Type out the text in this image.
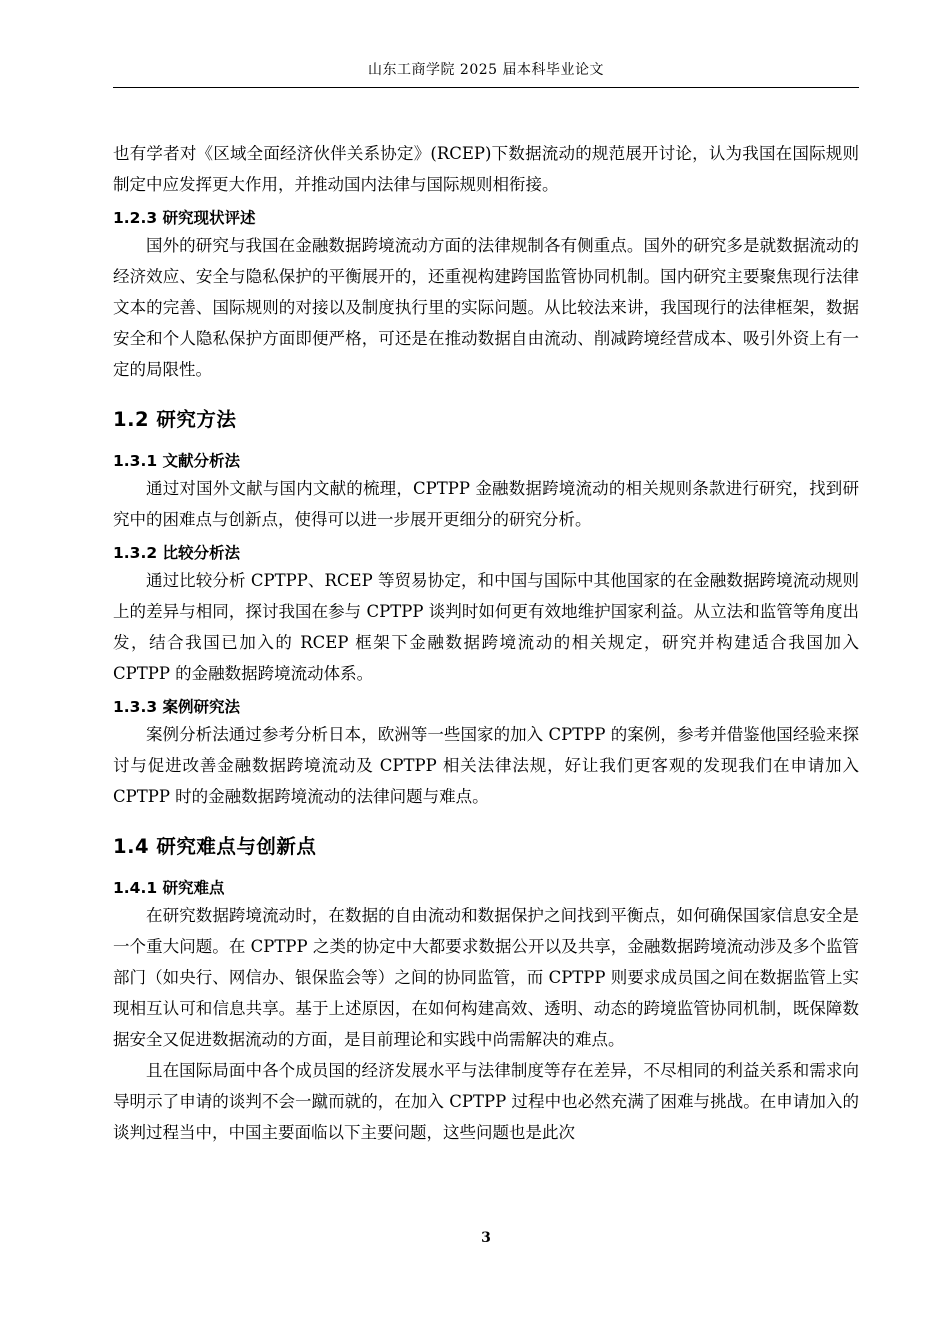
山东工商学院 2025 届本科毕业论文

也有学者对《区域全面经济伙伴关系协定》(RCEP)下数据流动的规范展开讨论，认为我国在国际规则制定中应发挥更大作用，并推动国内法律与国际规则相衔接。

1.2.3 研究现状评述

国外的研究与我国在金融数据跨境流动方面的法律规制各有侧重点。国外的研究多是就数据流动的经济效应、安全与隐私保护的平衡展开的，还重视构建跨国监管协同机制。国内研究主要聚焦现行法律文本的完善、国际规则的对接以及制度执行里的实际问题。从比较法来讲，我国现行的法律框架，数据安全和个人隐私保护方面即便严格，可还是在推动数据自由流动、削减跨境经营成本、吸引外资上有一定的局限性。

1.2 研究方法
1.3.1 文献分析法

通过对国外文献与国内文献的梳理，CPTPP 金融数据跨境流动的相关规则条款进行研究，找到研究中的困难点与创新点，使得可以进一步展开更细分的研究分析。

1.3.2 比较分析法

通过比较分析 CPTPP、RCEP 等贸易协定，和中国与国际中其他国家的在金融数据跨境流动规则上的差异与相同，探讨我国在参与 CPTPP 谈判时如何更有效地维护国家利益。从立法和监管等角度出发，结合我国已加入的 RCEP 框架下金融数据跨境流动的相关规定，研究并构建适合我国加入 CPTPP 的金融数据跨境流动体系。

1.3.3 案例研究法

案例分析法通过参考分析日本，欧洲等一些国家的加入 CPTPP 的案例，参考并借鉴他国经验来探讨与促进改善金融数据跨境流动及 CPTPP 相关法律法规，好让我们更客观的发现我们在申请加入 CPTPP 时的金融数据跨境流动的法律问题与难点。

1.4 研究难点与创新点
1.4.1 研究难点

在研究数据跨境流动时，在数据的自由流动和数据保护之间找到平衡点，如何确保国家信息安全是一个重大问题。在 CPTPP 之类的协定中大都要求数据公开以及共享，金融数据跨境流动涉及多个监管部门（如央行、网信办、银保监会等）之间的协同监管，而 CPTPP 则要求成员国之间在数据监管上实现相互认可和信息共享。基于上述原因，在如何构建高效、透明、动态的跨境监管协同机制，既保障数据安全又促进数据流动的方面，是目前理论和实践中尚需解决的难点。

且在国际局面中各个成员国的经济发展水平与法律制度等存在差异，不尽相同的利益关系和需求向导明示了申请的谈判不会一蹴而就的，在加入 CPTPP 过程中也必然充满了困难与挑战。在申请加入的谈判过程当中，中国主要面临以下主要问题，这些问题也是此次

3
